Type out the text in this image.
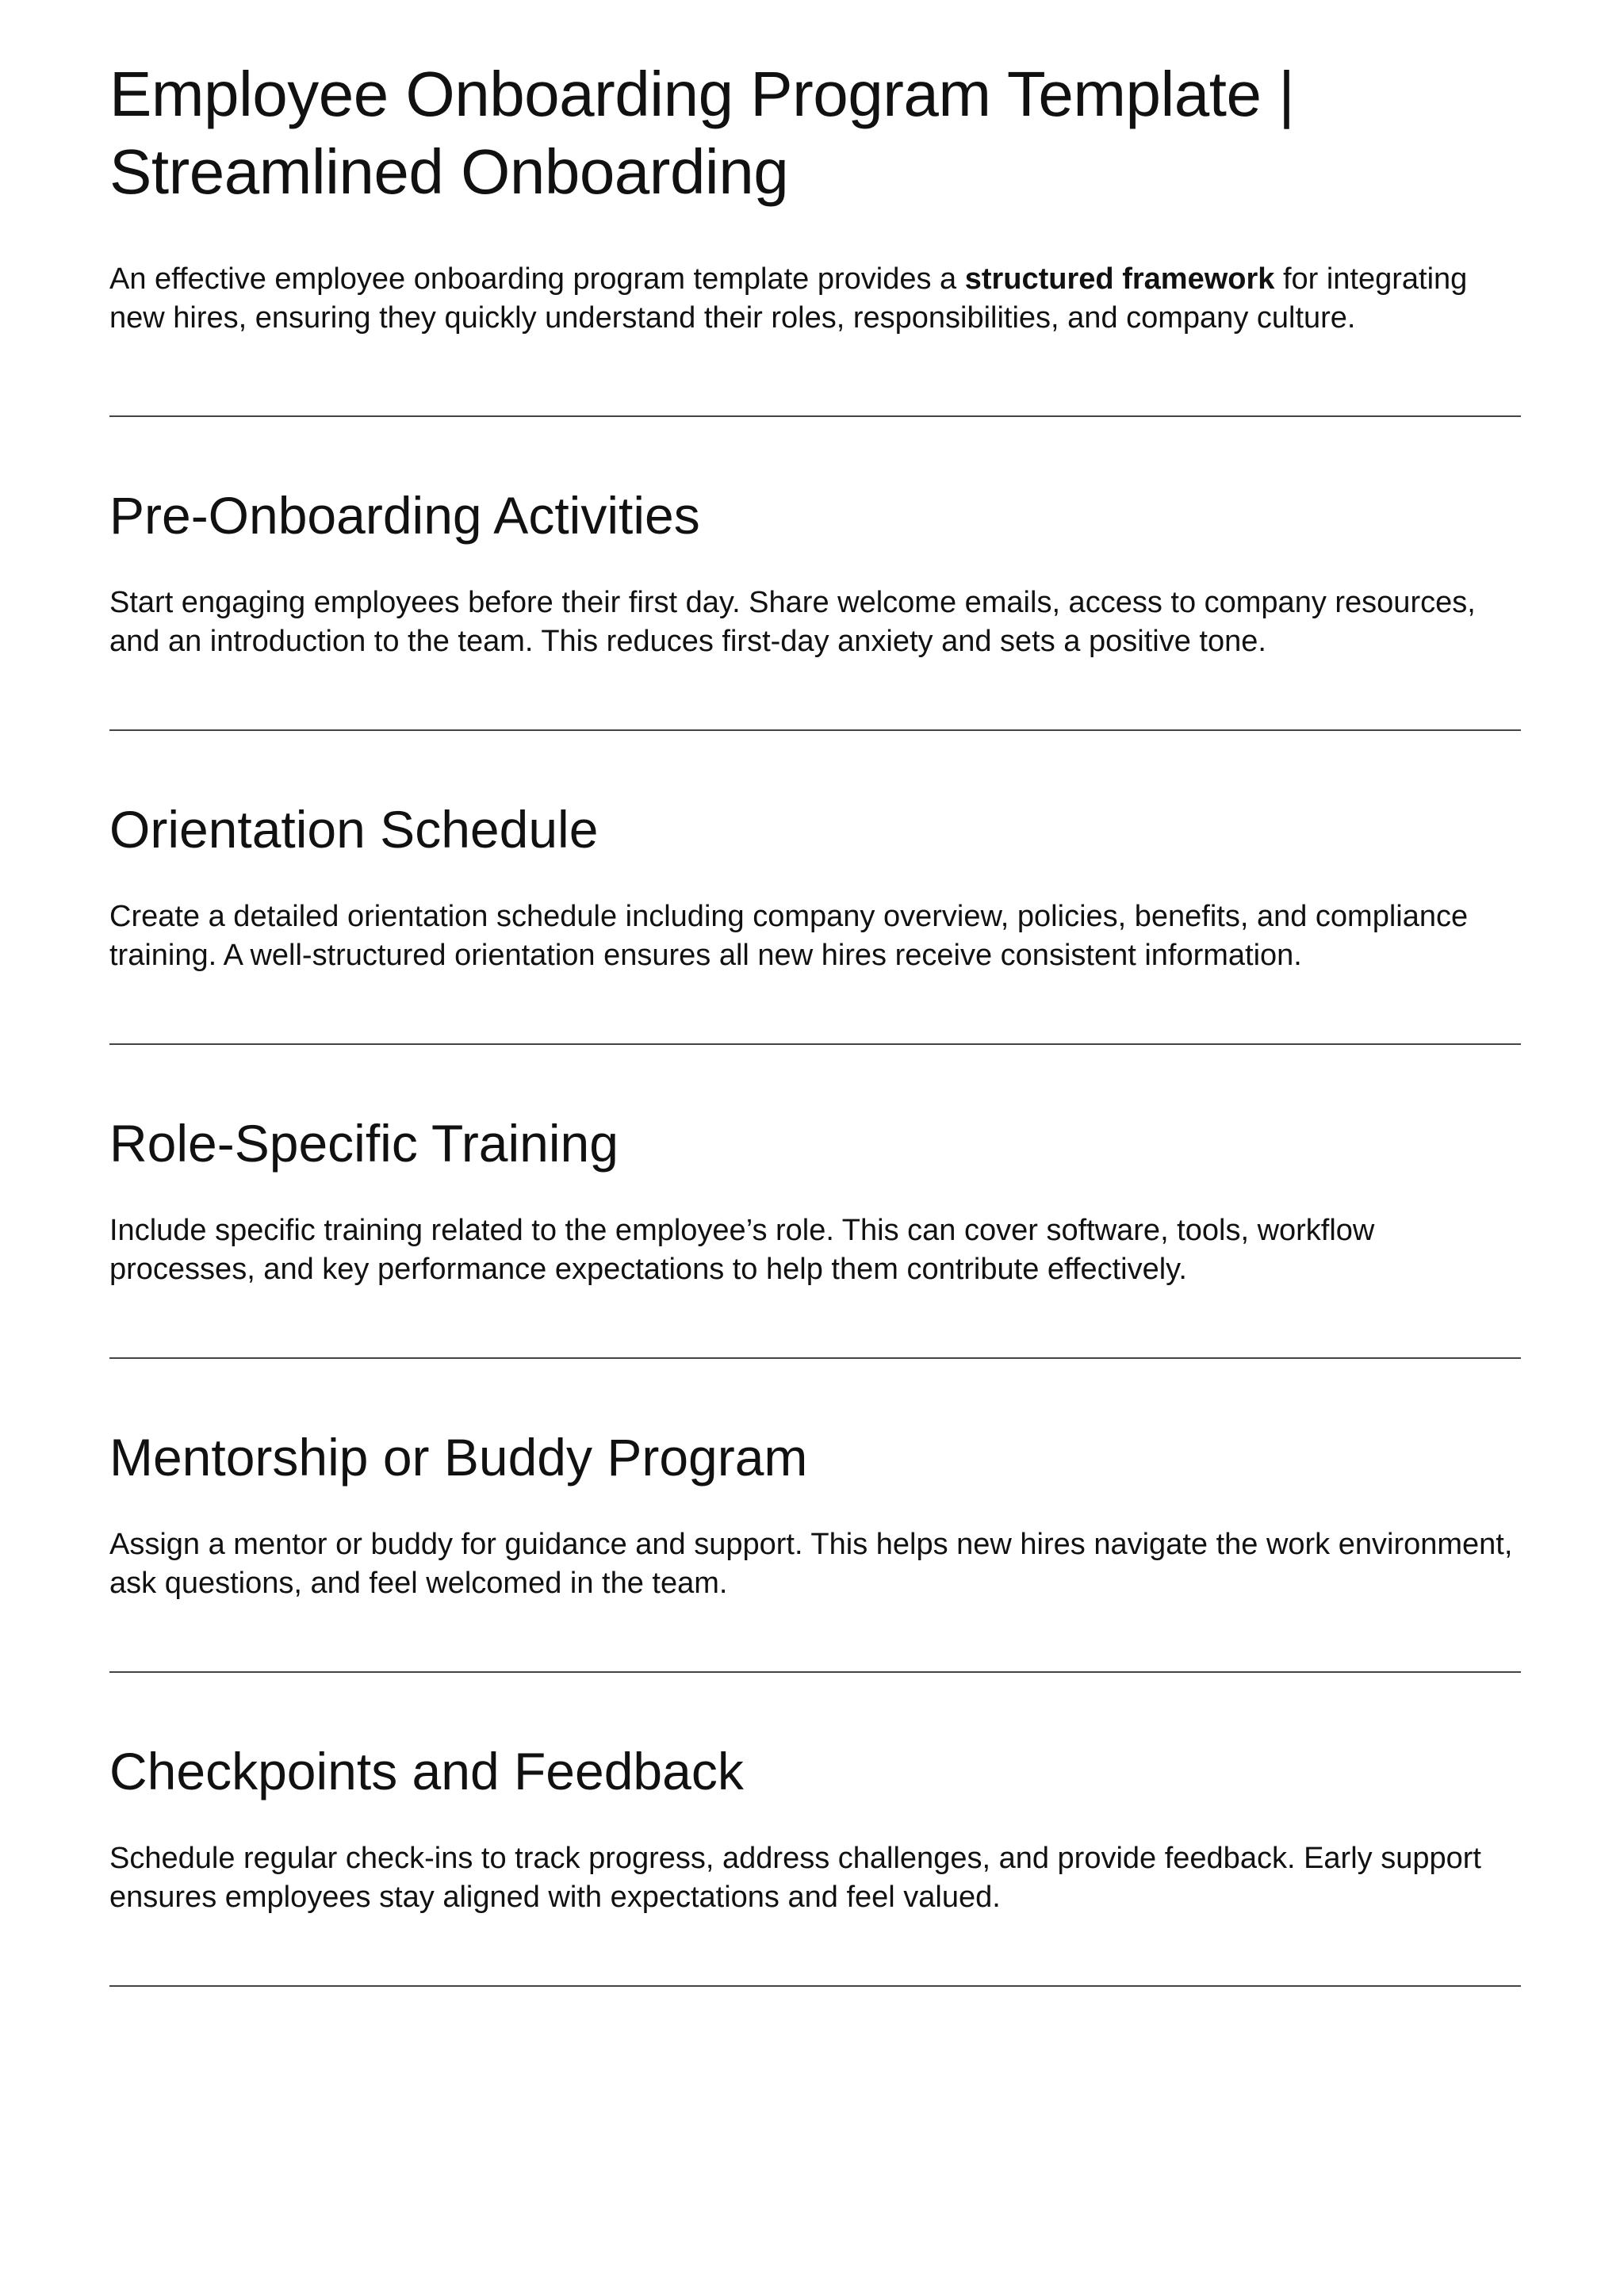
Employee Onboarding Program Template | Streamlined Onboarding

An effective employee onboarding program template provides a structured framework for integrating new hires, ensuring they quickly understand their roles, responsibilities, and company culture.

Pre-Onboarding Activities

Start engaging employees before their first day. Share welcome emails, access to company resources, and an introduction to the team. This reduces first-day anxiety and sets a positive tone.

Orientation Schedule

Create a detailed orientation schedule including company overview, policies, benefits, and compliance training. A well-structured orientation ensures all new hires receive consistent information.

Role-Specific Training

Include specific training related to the employee’s role. This can cover software, tools, workflow processes, and key performance expectations to help them contribute effectively.

Mentorship or Buddy Program

Assign a mentor or buddy for guidance and support. This helps new hires navigate the work environment, ask questions, and feel welcomed in the team.

Checkpoints and Feedback

Schedule regular check-ins to track progress, address challenges, and provide feedback. Early support ensures employees stay aligned with expectations and feel valued.
